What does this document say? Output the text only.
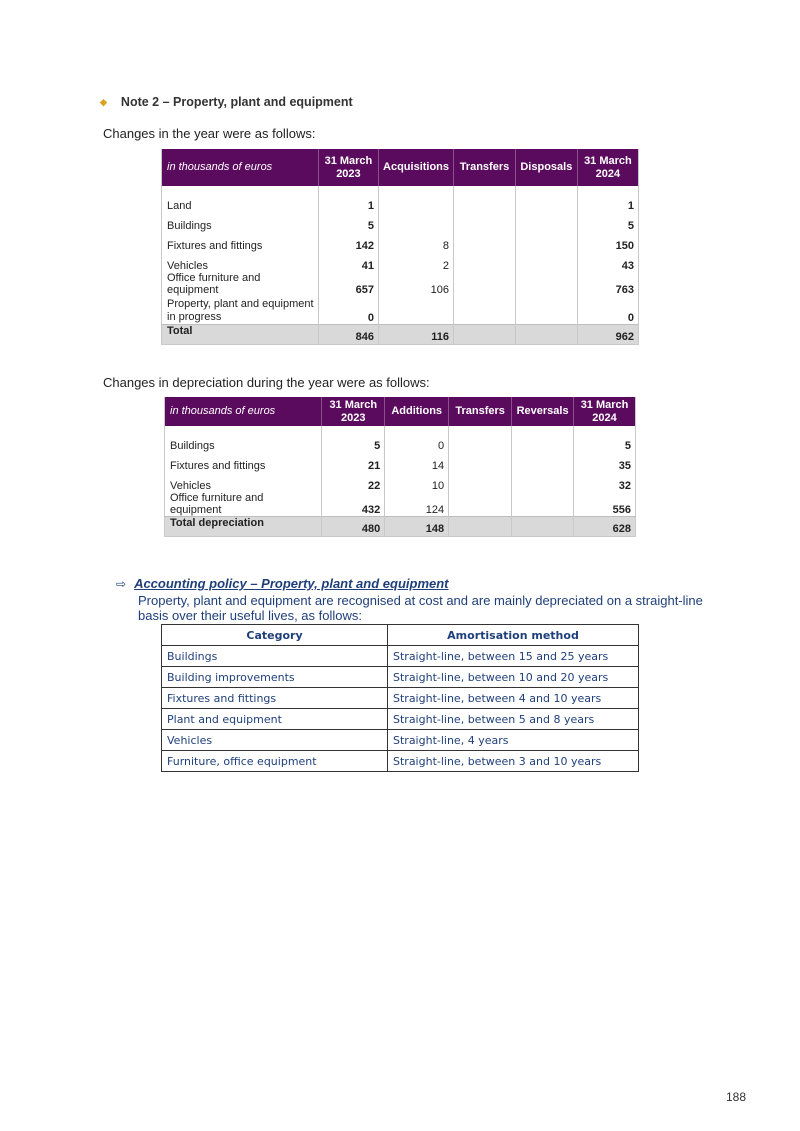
◆ Note 2 – Property, plant and equipment
Changes in the year were as follows:
in thousands of euros	31 March 2023	Acquisitions	Transfers	Disposals	31 March 2024

Land	1				1
Buildings	5				5
Fixtures and fittings	142	8			150
Vehicles	41	2			43
Office furniture and equipment	657	106			763
Property, plant and equipment in progress	0				0
Total	846	116			962
Changes in depreciation during the year were as follows:
in thousands of euros	31 March 2023	Additions	Transfers	Reversals	31 March 2024

Buildings	5	0			5
Fixtures and fittings	21	14			35
Vehicles	22	10			32
Office furniture and equipment	432	124			556
Total depreciation	480	148			628
⇨ Accounting policy – Property, plant and equipment
Property, plant and equipment are recognised at cost and are mainly depreciated on a straight-line basis over their useful lives, as follows:
Category	Amortisation method
Buildings	Straight-line, between 15 and 25 years
Building improvements	Straight-line, between 10 and 20 years
Fixtures and fittings	Straight-line, between 4 and 10 years
Plant and equipment	Straight-line, between 5 and 8 years
Vehicles	Straight-line, 4 years
Furniture, office equipment	Straight-line, between 3 and 10 years
188
